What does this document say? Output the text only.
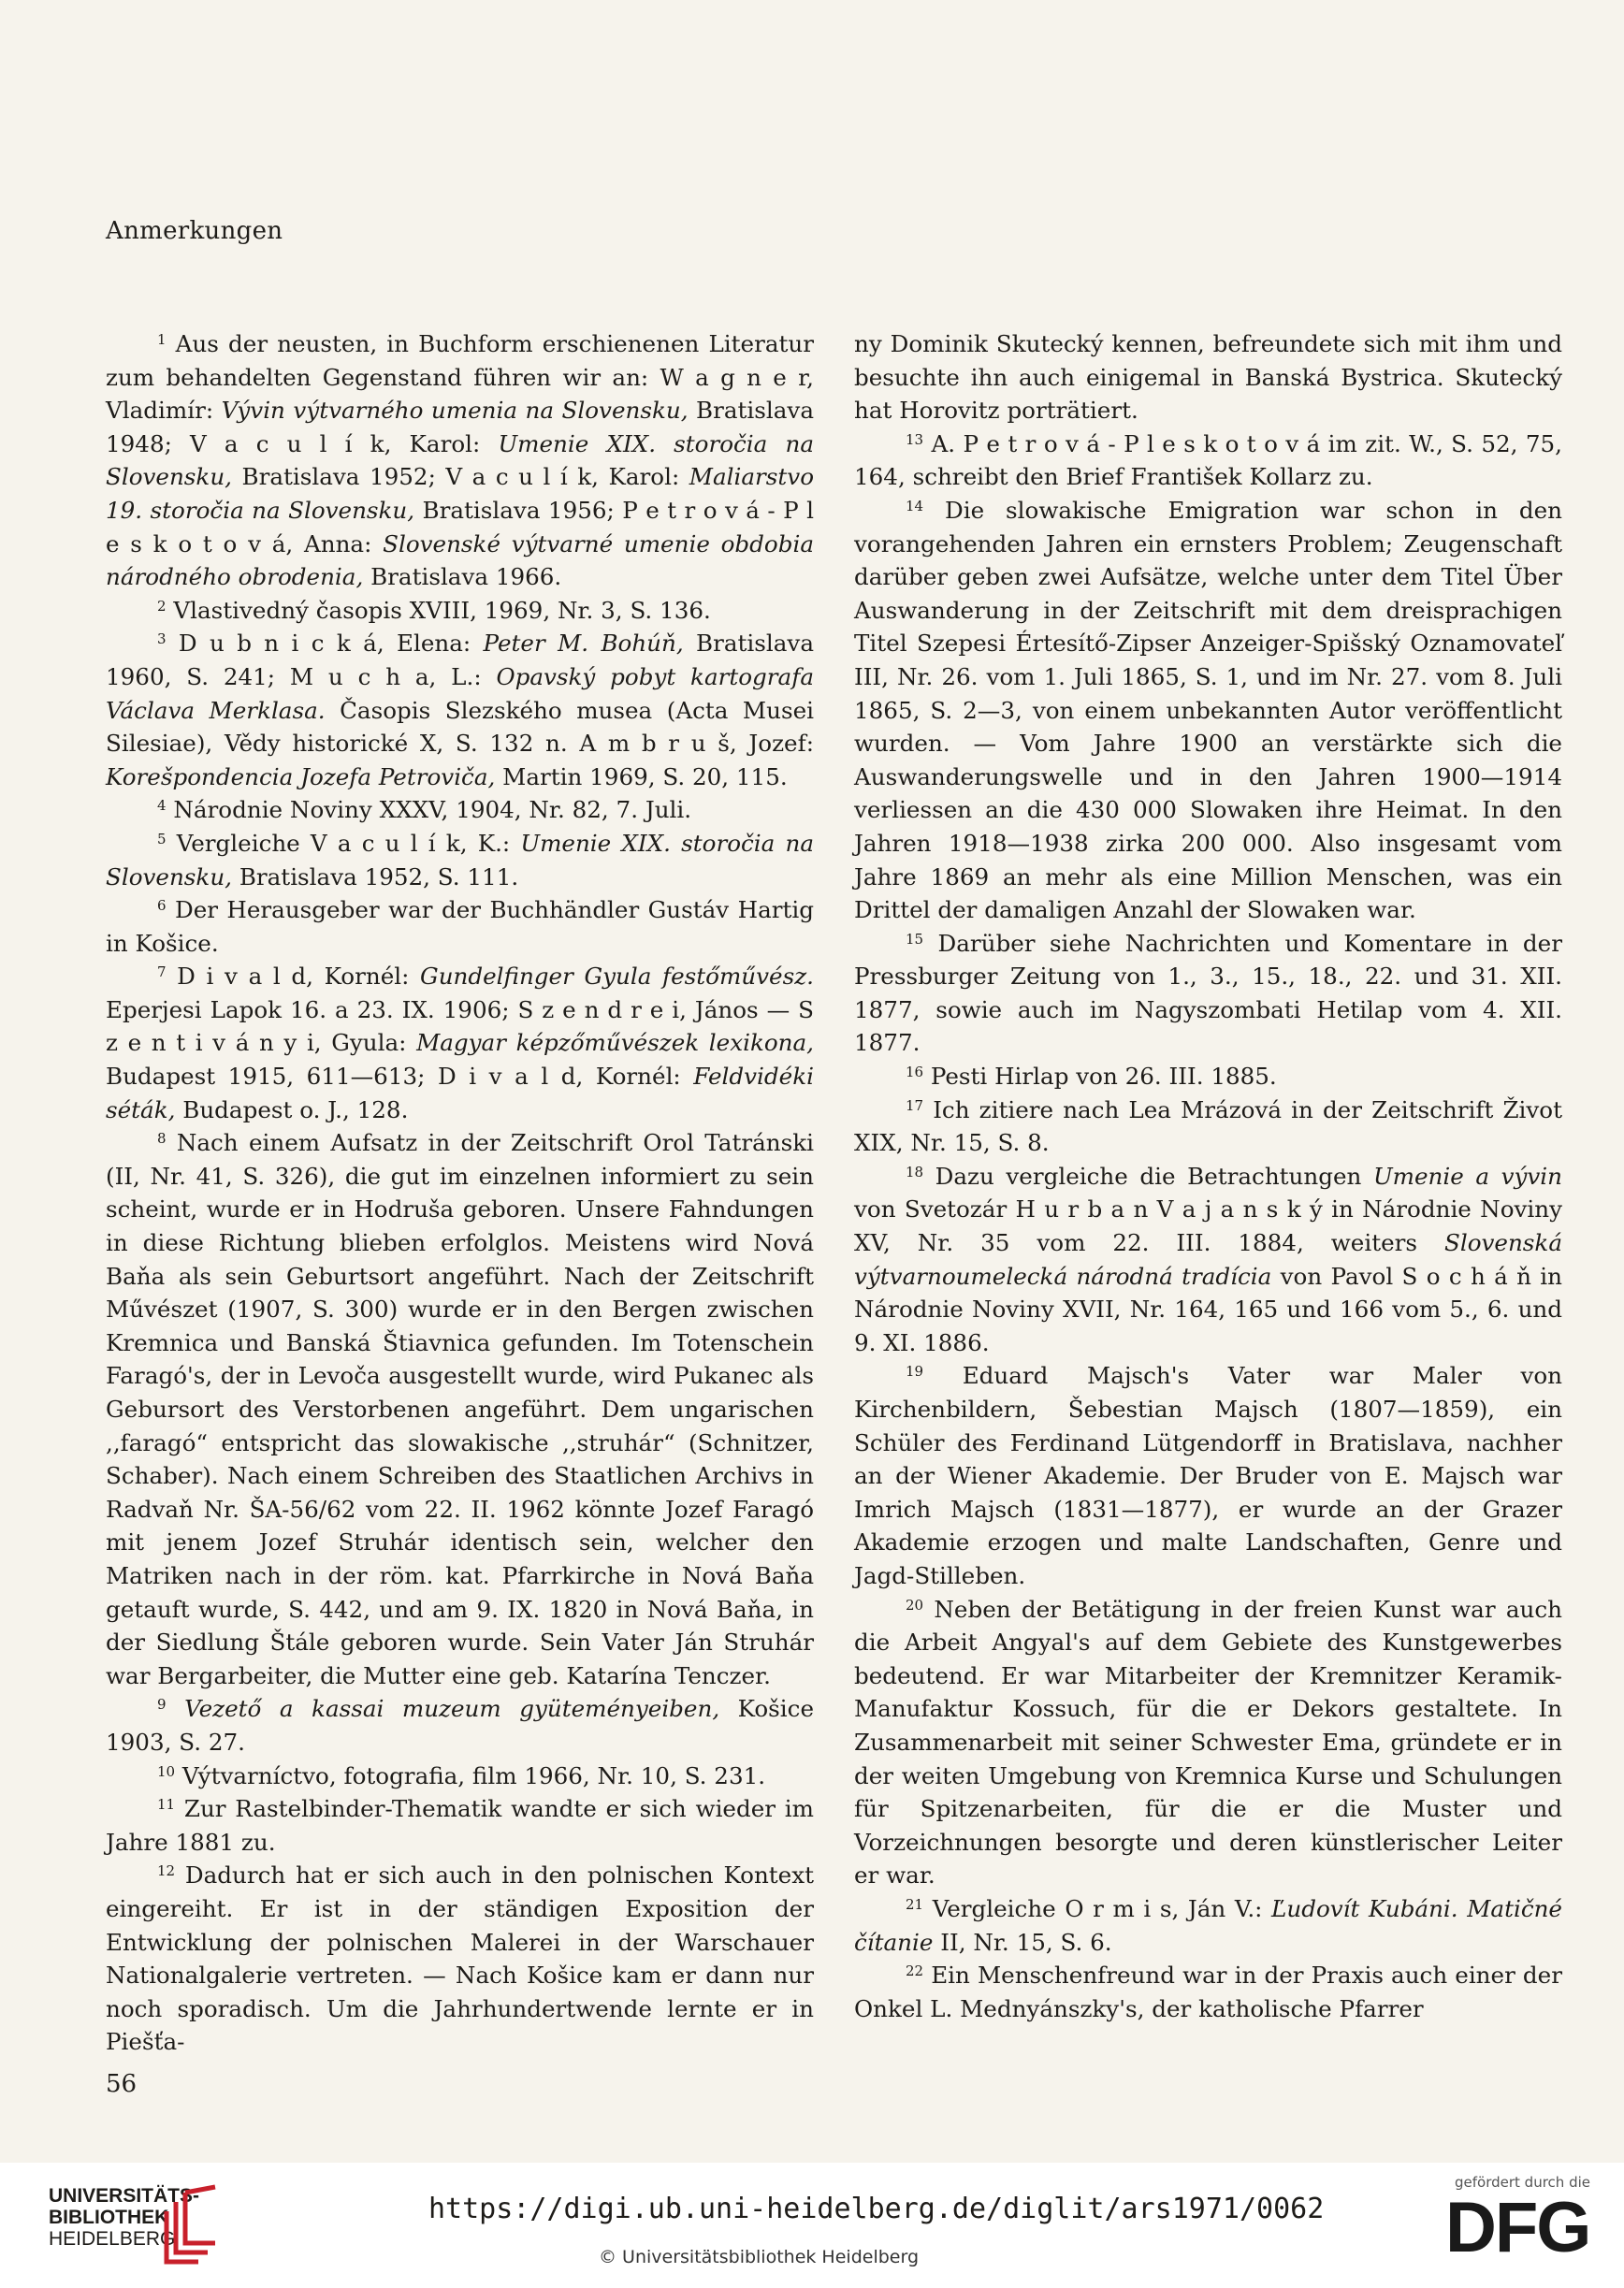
Anmerkungen

$^1$ Aus der neusten, in Buchform erschienenen Literatur zum behandelten Gegenstand führen wir an: W a g n e r, Vladimír: Vývin výtvarného umenia na Slovensku, Bratislava 1948; V a c u l í k, Karol: Umenie XIX. storočia na Slovensku, Bratislava 1952; V a c u l í k, Karol: Maliarstvo 19. storočia na Slovensku, Bratislava 1956; P e t r o v á - P l e s k o t o v á, Anna: Slovenské výtvarné umenie obdobia národného obrodenia, Bratislava 1966.

$^2$ Vlastivedný časopis XVIII, 1969, Nr. 3, S. 136.

$^3$ D u b n i c k á, Elena: Peter M. Bohúň, Bratislava 1960, S. 241; M u c h a, L.: Opavský pobyt kartografa Václava Merklasa. Časopis Slezského musea (Acta Musei Silesiae), Vědy historické X, S. 132 n. A m b r u š, Jozef: Korešpondencia Jozefa Petroviča, Martin 1969, S. 20, 115.

$^4$ Národnie Noviny XXXV, 1904, Nr. 82, 7. Juli.

$^5$ Vergleiche V a c u l í k, K.: Umenie XIX. storočia na Slovensku, Bratislava 1952, S. 111.

$^6$ Der Herausgeber war der Buchhändler Gustáv Hartig in Košice.

$^7$ D i v a l d, Kornél: Gundelfinger Gyula festőművész. Eperjesi Lapok 16. a 23. IX. 1906; S z e n d r e i, János — S z e n t i v á n y i, Gyula: Magyar képzőművészek lexikona, Budapest 1915, 611—613; D i v a l d, Kornél: Feldvidéki séták, Budapest o. J., 128.

$^8$ Nach einem Aufsatz in der Zeitschrift Orol Tatránski (II, Nr. 41, S. 326), die gut im einzelnen informiert zu sein scheint, wurde er in Hodruša geboren. Unsere Fahndungen in diese Richtung blieben erfolglos. Meistens wird Nová Baňa als sein Geburtsort angeführt. Nach der Zeitschrift Művészet (1907, S. 300) wurde er in den Bergen zwischen Kremnica und Banská Štiavnica gefunden. Im Totenschein Faragó's, der in Levoča ausgestellt wurde, wird Pukanec als Gebursort des Verstorbenen angeführt. Dem ungarischen ,,faragó“ entspricht das slowakische ,,struhár“ (Schnitzer, Schaber). Nach einem Schreiben des Staatlichen Archivs in Radvaň Nr. ŠA-56/62 vom 22. II. 1962 könnte Jozef Faragó mit jenem Jozef Struhár identisch sein, welcher den Matriken nach in der röm. kat. Pfarrkirche in Nová Baňa getauft wurde, S. 442, und am 9. IX. 1820 in Nová Baňa, in der Siedlung Štále geboren wurde. Sein Vater Ján Struhár war Bergarbeiter, die Mutter eine geb. Katarína Tenczer.

$^9$ Vezető a kassai muzeum gyüteményeiben, Košice 1903, S. 27.

$^{10}$ Výtvarníctvo, fotografia, film 1966, Nr. 10, S. 231.

$^{11}$ Zur Rastelbinder-Thematik wandte er sich wieder im Jahre 1881 zu.

$^{12}$ Dadurch hat er sich auch in den polnischen Kontext eingereiht. Er ist in der ständigen Exposition der Entwicklung der polnischen Malerei in der Warschauer Nationalgalerie vertreten. — Nach Košice kam er dann nur noch sporadisch. Um die Jahrhundertwende lernte er in Piešťa-

ny Dominik Skutecký kennen, befreundete sich mit ihm und besuchte ihn auch einigemal in Banská Bystrica. Skutecký hat Horovitz porträtiert.

$^{13}$ A. P e t r o v á - P l e s k o t o v á im zit. W., S. 52, 75, 164, schreibt den Brief František Kollarz zu.

$^{14}$ Die slowakische Emigration war schon in den vorangehenden Jahren ein ernsters Problem; Zeugenschaft darüber geben zwei Aufsätze, welche unter dem Titel Über Auswanderung in der Zeitschrift mit dem dreisprachigen Titel Szepesi Értesítő-Zipser Anzeiger-Spišský Oznamovateľ III, Nr. 26. vom 1. Juli 1865, S. 1, und im Nr. 27. vom 8. Juli 1865, S. 2—3, von einem unbekannten Autor veröffentlicht wurden. — Vom Jahre 1900 an verstärkte sich die Auswanderungswelle und in den Jahren 1900—1914 verliessen an die 430 000 Slowaken ihre Heimat. In den Jahren 1918—1938 zirka 200 000. Also insgesamt vom Jahre 1869 an mehr als eine Million Menschen, was ein Drittel der damaligen Anzahl der Slowaken war.

$^{15}$ Darüber siehe Nachrichten und Komentare in der Pressburger Zeitung von 1., 3., 15., 18., 22. und 31. XII. 1877, sowie auch im Nagyszombati Hetilap vom 4. XII. 1877.

$^{16}$ Pesti Hirlap von 26. III. 1885.

$^{17}$ Ich zitiere nach Lea Mrázová in der Zeitschrift Život XIX, Nr. 15, S. 8.

$^{18}$ Dazu vergleiche die Betrachtungen Umenie a vývin von Svetozár H u r b a n V a j a n s k ý in Národnie Noviny XV, Nr. 35 vom 22. III. 1884, weiters Slovenská výtvarnoumelecká národná tradícia von Pavol S o c h á ň in Národnie Noviny XVII, Nr. 164, 165 und 166 vom 5., 6. und 9. XI. 1886.

$^{19}$ Eduard Majsch's Vater war Maler von Kirchenbildern, Šebestian Majsch (1807—1859), ein Schüler des Ferdinand Lütgendorff in Bratislava, nachher an der Wiener Akademie. Der Bruder von E. Majsch war Imrich Majsch (1831—1877), er wurde an der Grazer Akademie erzogen und malte Landschaften, Genre und Jagd-Stilleben.

$^{20}$ Neben der Betätigung in der freien Kunst war auch die Arbeit Angyal's auf dem Gebiete des Kunstgewerbes bedeutend. Er war Mitarbeiter der Kremnitzer Keramik-Manufaktur Kossuch, für die er Dekors gestaltete. In Zusammenarbeit mit seiner Schwester Ema, gründete er in der weiten Umgebung von Kremnica Kurse und Schulungen für Spitzenarbeiten, für die er die Muster und Vorzeichnungen besorgte und deren künstlerischer Leiter er war.

$^{21}$ Vergleiche O r m i s, Ján V.: Ľudovít Kubáni. Matičné čítanie II, Nr. 15, S. 6.

$^{22}$ Ein Menschenfreund war in der Praxis auch einer der Onkel L. Mednyánszky's, der katholische Pfarrer

56
UNIVERSITÄTS-
BIBLIOTHEK
HEIDELBERG
https://digi.ub.uni-heidelberg.de/diglit/ars1971/0062
© Universitätsbibliothek Heidelberg
gefördert durch die
DFG
